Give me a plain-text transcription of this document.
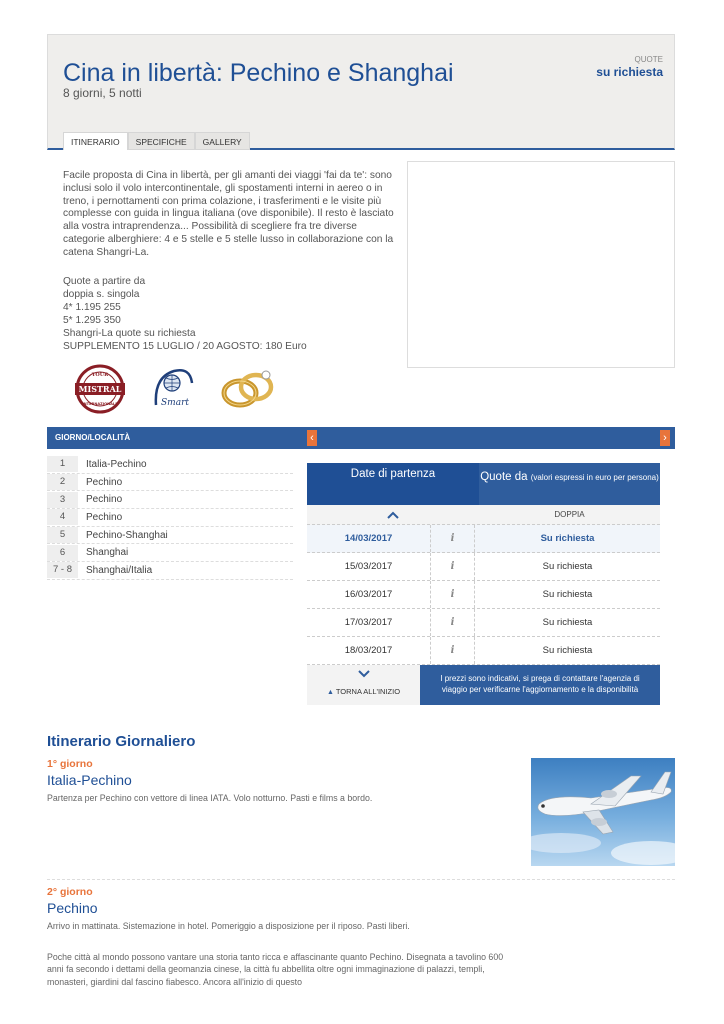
Cina in libertà: Pechino e Shanghai
8 giorni, 5 notti
QUOTE
su richiesta
ITINERARIO	SPECIFICHE	GALLERY

Facile proposta di Cina in libertà, per gli amanti dei viaggi 'fai da te': sono inclusi solo il volo intercontinentale, gli spostamenti interni in aereo o in treno, i pernottamenti con prima colazione, i trasferimenti e le visite più complesse con guida in lingua italiana (ove disponibile). Il resto è lasciato alla vostra intraprendenza... Possibilità di scegliere fra tre diverse categorie alberghiere: 4 e 5 stelle e 5 stelle lusso in collaborazione con la catena Shangri-La.

Quote a partire da
doppia s. singola
4* 1.195 255
5* 1.295 350
Shangri-La quote su richiesta
SUPPLEMENTO 15 LUGLIO / 20 AGOSTO: 180 Euro
TOUR
MISTRAL
INTERNAZIONALE	Smart
GIORNO/LOCALITÀ	‹	›
1	Italia-Pechino
2	Pechino
3	Pechino
4	Pechino
5	Pechino-Shanghai
6	Shanghai
7 - 8	Shanghai/Italia
Date di partenza	Quote da (valori espressi in euro per persona)
DOPPIA
14/03/2017	i	Su richiesta
15/03/2017	i	Su richiesta
16/03/2017	i	Su richiesta
17/03/2017	i	Su richiesta
18/03/2017	i	Su richiesta
▲ TORNA ALL'INIZIO
I prezzi sono indicativi, si prega di contattare l'agenzia di viaggio per verificarne l'aggiornamento e la disponibilità
Itinerario Giornaliero
1° giorno
Italia-Pechino
Partenza per Pechino con vettore di linea IATA. Volo notturno. Pasti e films a bordo.
2° giorno
Pechino
Arrivo in mattinata. Sistemazione in hotel. Pomeriggio a disposizione per il riposo. Pasti liberi.
Poche città al mondo possono vantare una storia tanto ricca e affascinante quanto Pechino. Disegnata a tavolino 600 anni fa secondo i dettami della geomanzia cinese, la città fu abbellita oltre ogni immaginazione di palazzi, templi, monasteri, giardini dal fascino fiabesco. Ancora all'inizio di questo
